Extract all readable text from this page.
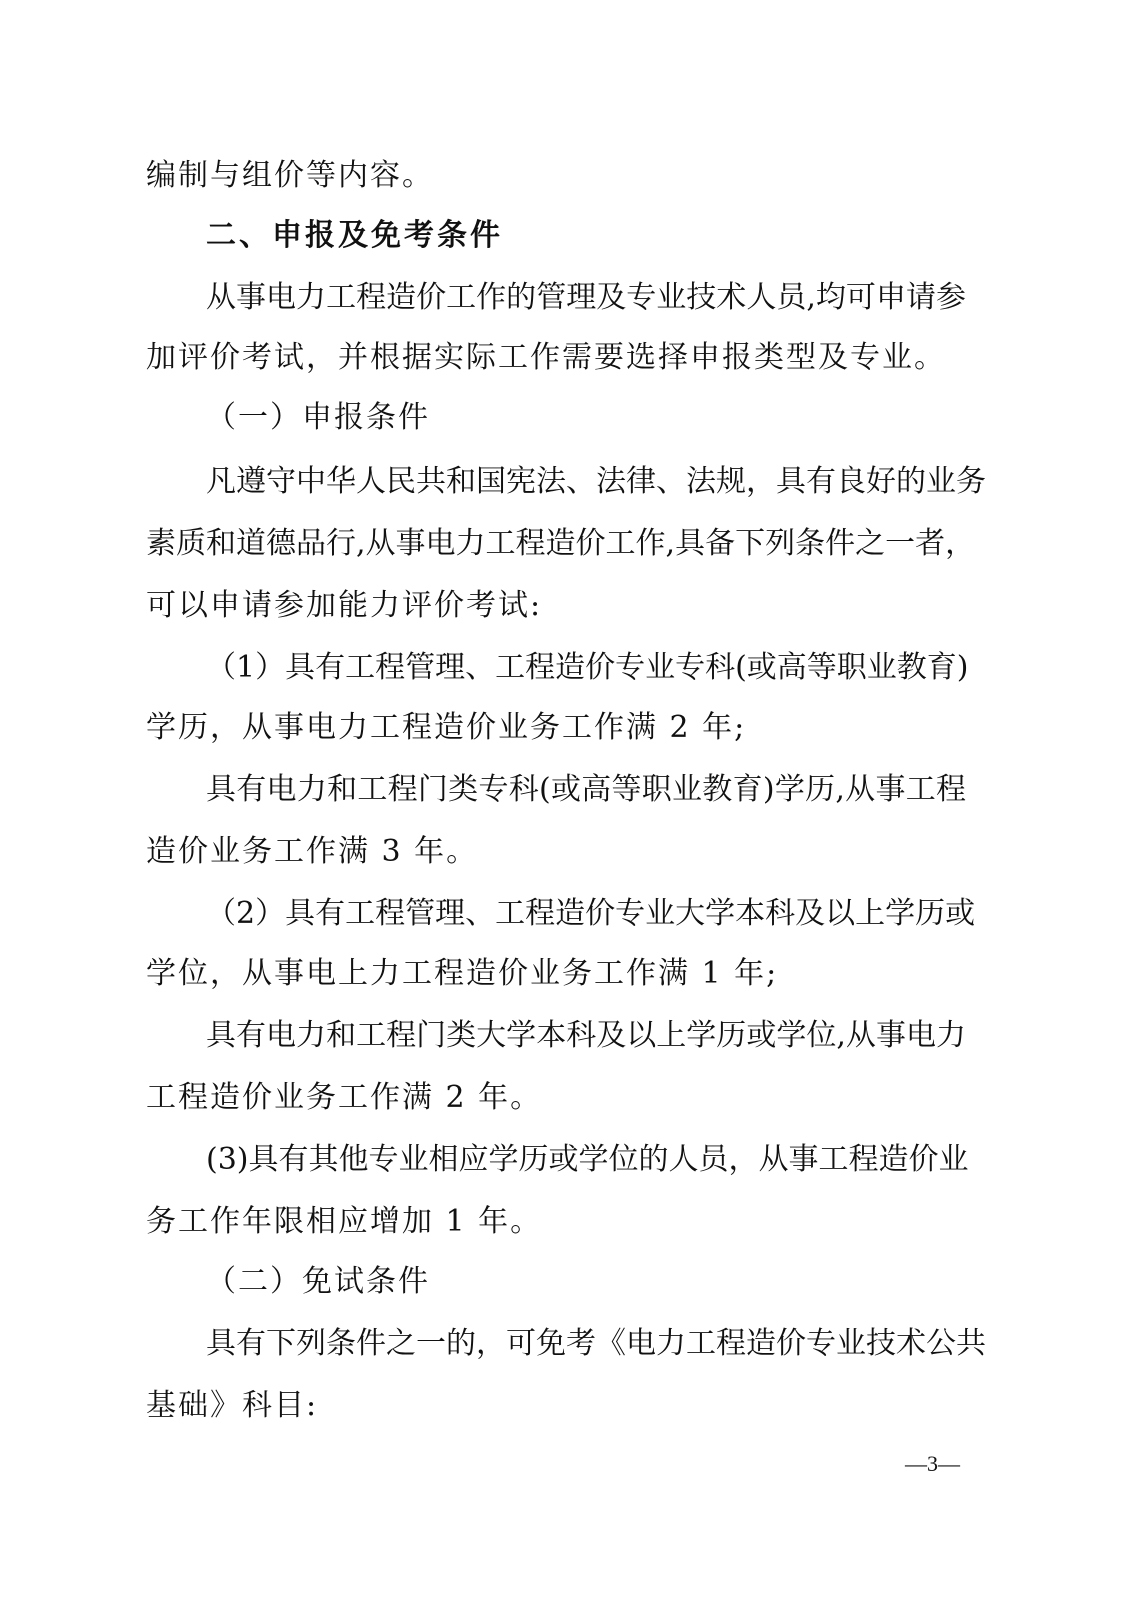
编制与组价等内容。
二、申报及免考条件
从事电力工程造价工作的管理及专业技术人员,均可申请参
加评价考试，并根据实际工作需要选择申报类型及专业。
（一）申报条件
凡遵守中华人民共和国宪法、法律、法规，具有良好的业务
素质和道德品行,从事电力工程造价工作,具备下列条件之一者，
可以申请参加能力评价考试:
（1）具有工程管理、工程造价专业专科(或高等职业教育)
学历，从事电力工程造价业务工作满 2 年;
具有电力和工程门类专科(或高等职业教育)学历,从事工程
造价业务工作满 3 年。
（2）具有工程管理、工程造价专业大学本科及以上学历或
学位，从事电上力工程造价业务工作满 1 年;
具有电力和工程门类大学本科及以上学历或学位,从事电力
工程造价业务工作满 2 年。
(3)具有其他专业相应学历或学位的人员，从事工程造价业
务工作年限相应增加 1 年。
（二）免试条件
具有下列条件之一的，可免考《电力工程造价专业技术公共
基础》科目:
—3—
